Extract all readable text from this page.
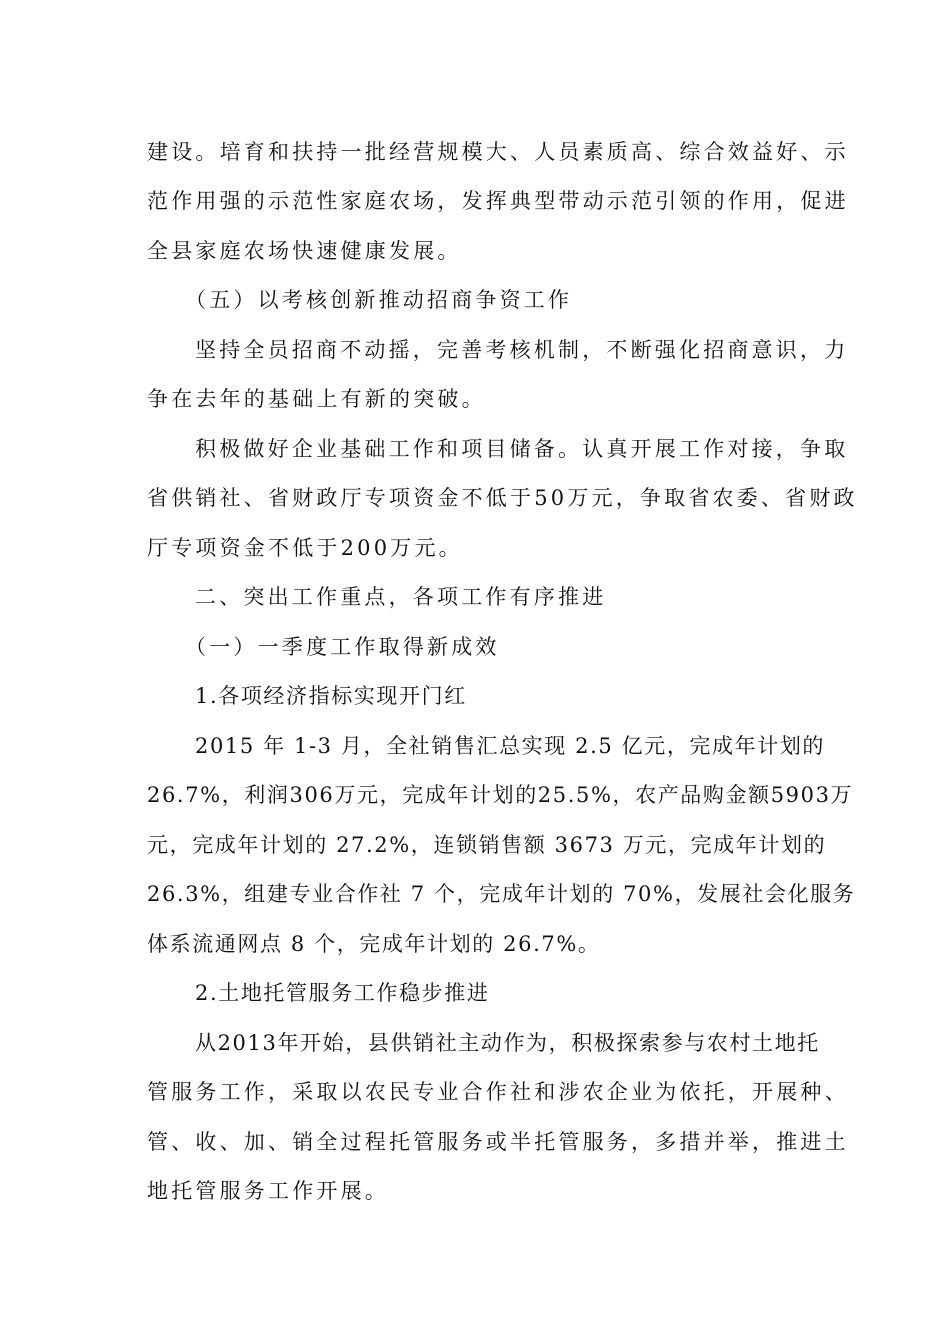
建设。培育和扶持一批经营规模大、人员素质高、综合效益好、示
范作用强的示范性家庭农场，发挥典型带动示范引领的作用，促进
全县家庭农场快速健康发展。
（五）以考核创新推动招商争资工作
坚持全员招商不动摇，完善考核机制，不断强化招商意识，力
争在去年的基础上有新的突破。
积极做好企业基础工作和项目储备。认真开展工作对接，争取
省供销社、省财政厅专项资金不低于50万元，争取省农委、省财政
厅专项资金不低于200万元。
二、突出工作重点，各项工作有序推进
（一）一季度工作取得新成效
1.各项经济指标实现开门红
2015 年 1-3 月，全社销售汇总实现 2.5 亿元，完成年计划的
26.7%，利润306万元，完成年计划的25.5%，农产品购金额5903万
元，完成年计划的 27.2%，连锁销售额 3673 万元，完成年计划的
26.3%，组建专业合作社 7 个，完成年计划的 70%，发展社会化服务
体系流通网点 8 个，完成年计划的 26.7%。
2.土地托管服务工作稳步推进
从2013年开始，县供销社主动作为，积极探索参与农村土地托
管服务工作，采取以农民专业合作社和涉农企业为依托，开展种、
管、收、加、销全过程托管服务或半托管服务，多措并举，推进土
地托管服务工作开展。
